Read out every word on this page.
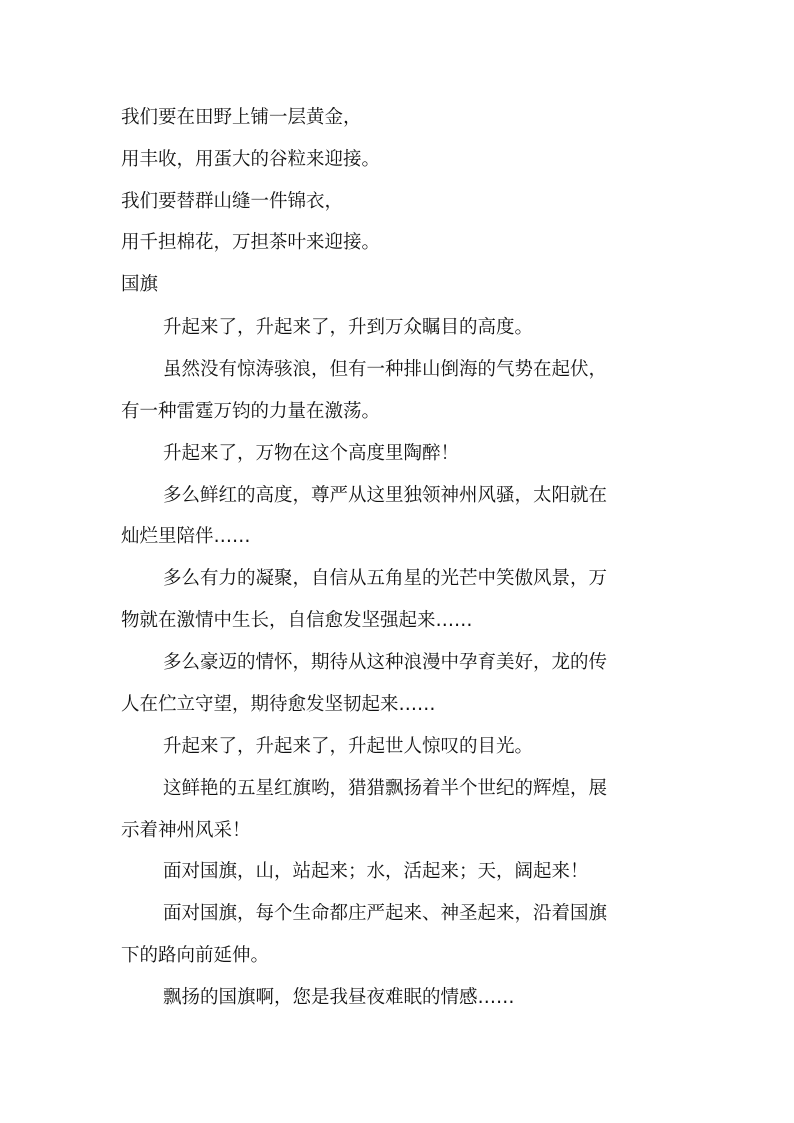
我们要在田野上铺一层黄金，

用丰收，用蛋大的谷粒来迎接。

我们要替群山缝一件锦衣，

用千担棉花，万担茶叶来迎接。

国旗

升起来了，升起来了，升到万众瞩目的高度。

虽然没有惊涛骇浪，但有一种排山倒海的气势在起伏，

有一种雷霆万钧的力量在激荡。

升起来了，万物在这个高度里陶醉！

多么鲜红的高度，尊严从这里独领神州风骚，太阳就在

灿烂里陪伴……

多么有力的凝聚，自信从五角星的光芒中笑傲风景，万

物就在激情中生长，自信愈发坚强起来……

多么豪迈的情怀，期待从这种浪漫中孕育美好，龙的传

人在伫立守望，期待愈发坚韧起来……

升起来了，升起来了，升起世人惊叹的目光。

这鲜艳的五星红旗哟，猎猎飘扬着半个世纪的辉煌，展

示着神州风采！

面对国旗，山，站起来；水，活起来；天，阔起来！

面对国旗，每个生命都庄严起来、神圣起来，沿着国旗

下的路向前延伸。

飘扬的国旗啊，您是我昼夜难眠的情感……
